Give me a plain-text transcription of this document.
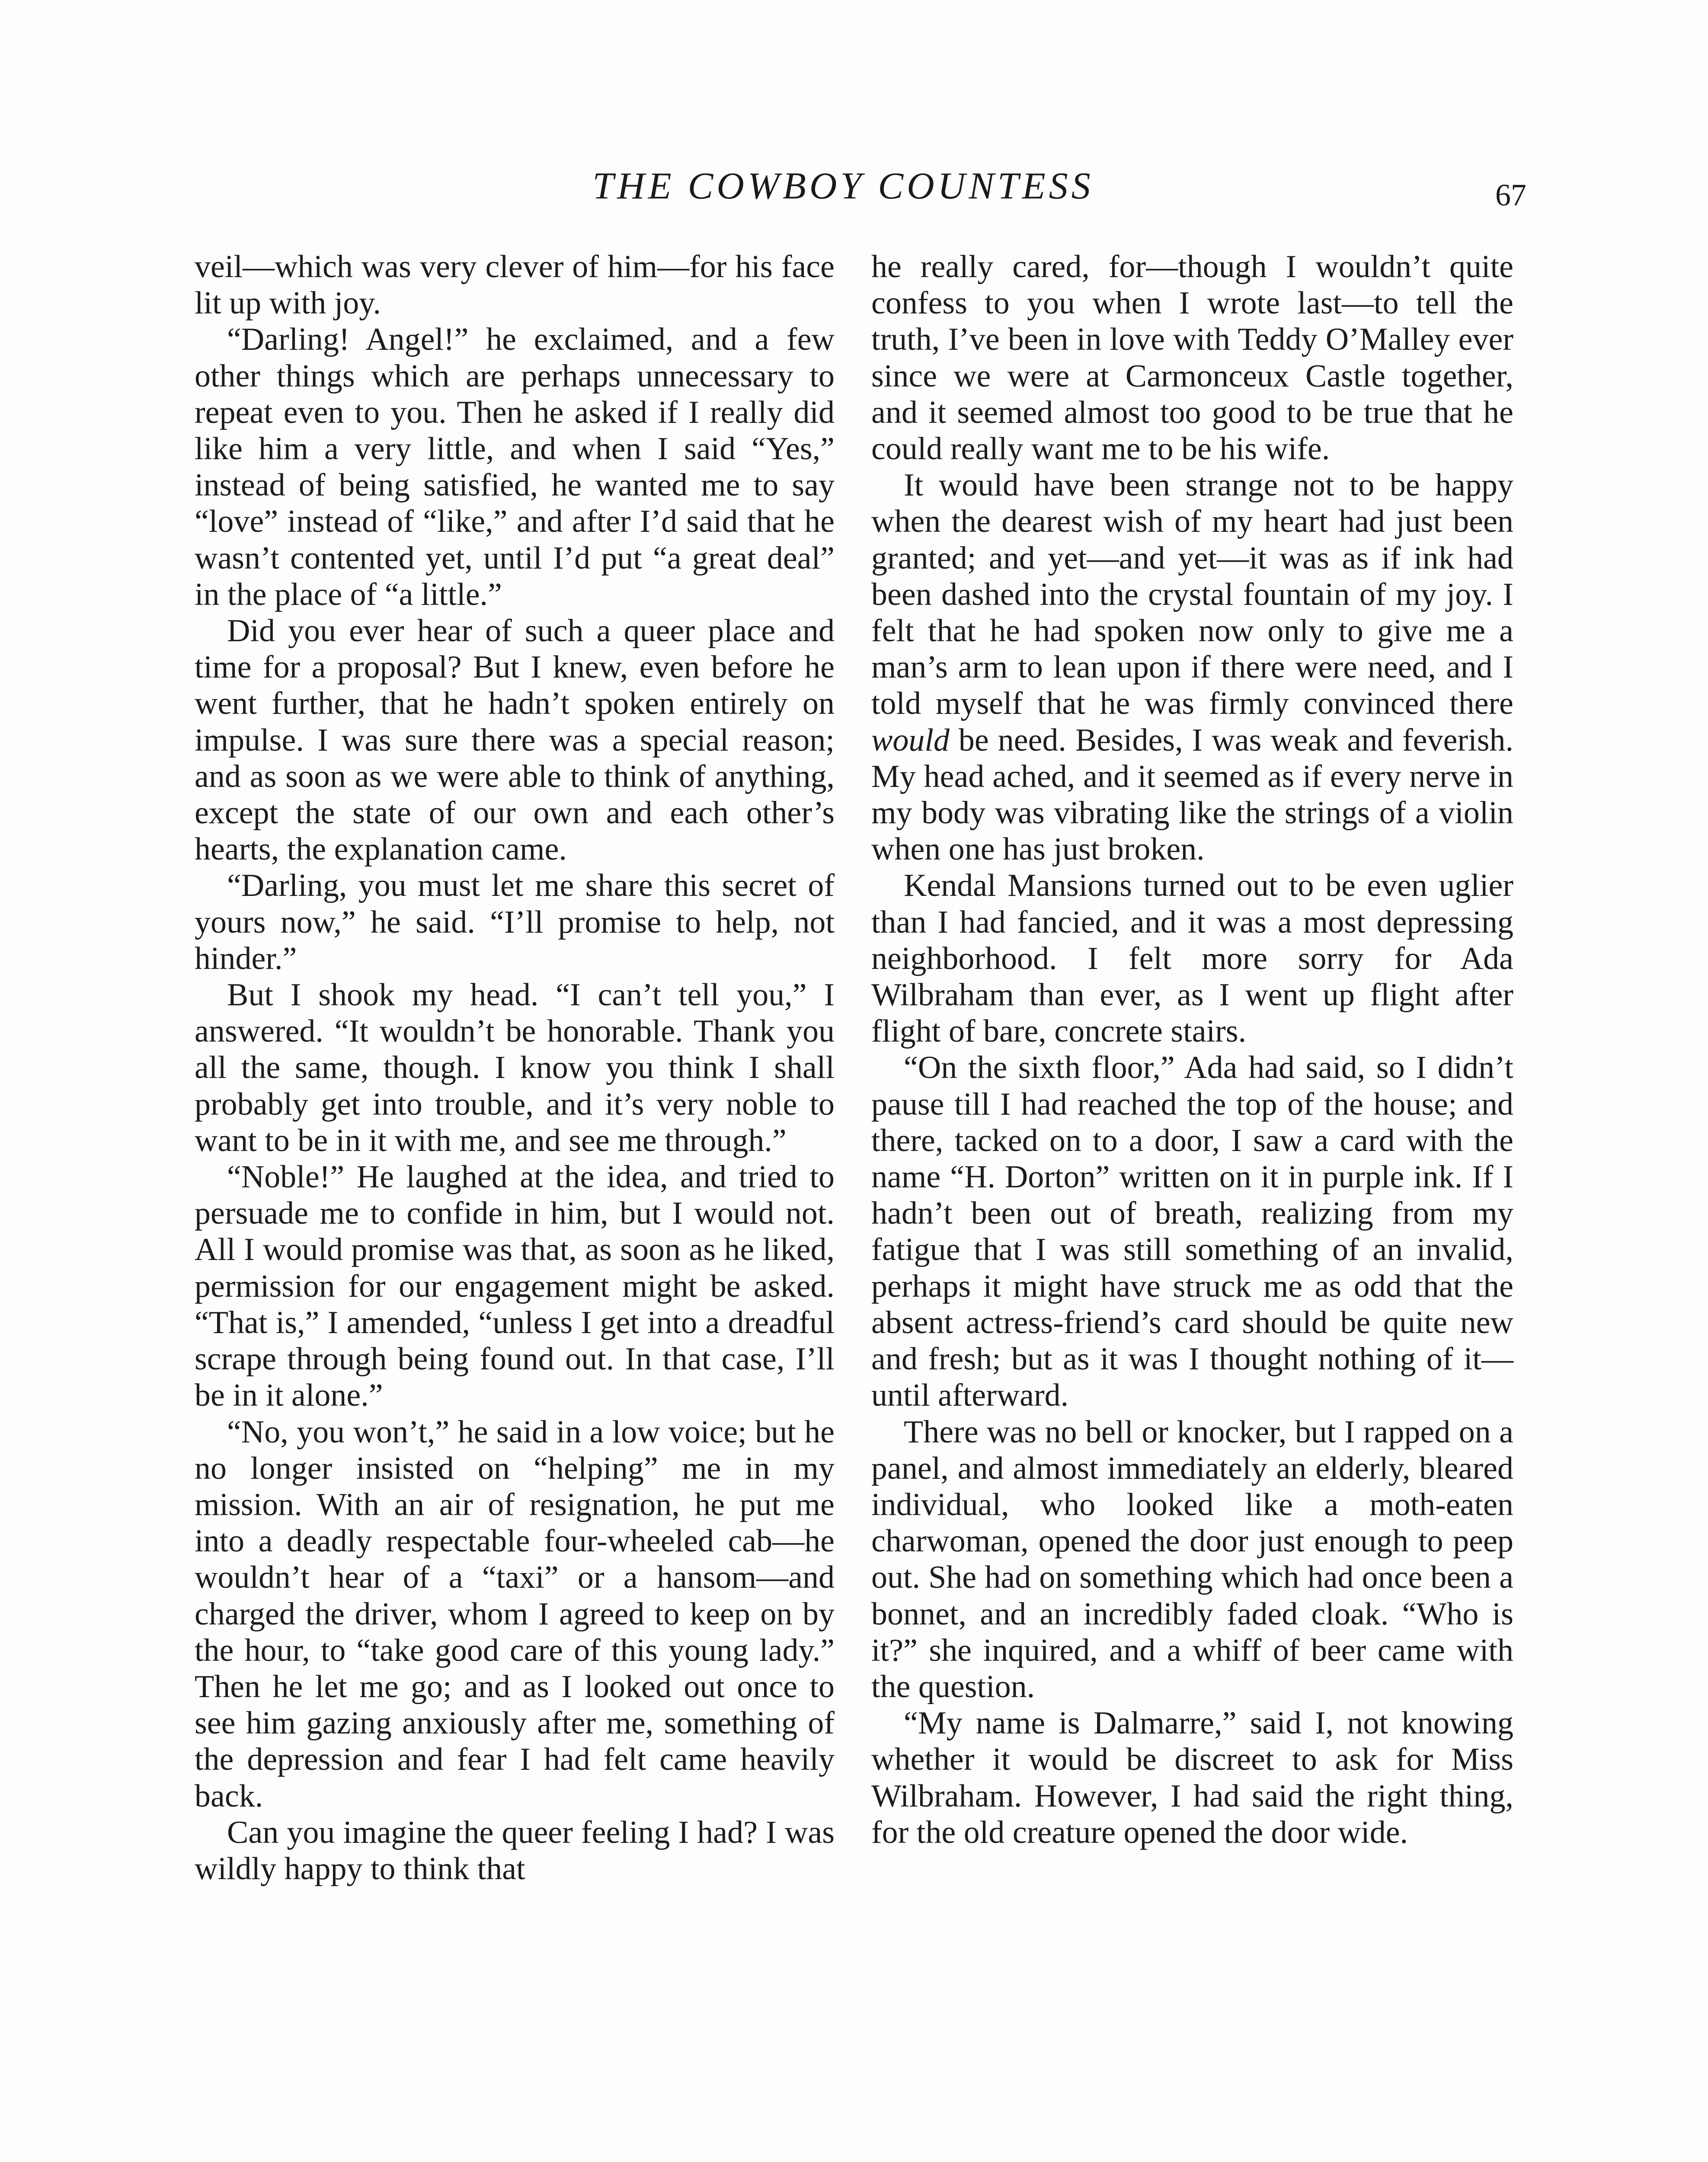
THE COWBOY COUNTESS	67

veil—which was very clever of him—for his face lit up with joy.

“Darling! Angel!” he exclaimed, and a few other things which are perhaps unnecessary to repeat even to you. Then he asked if I really did like him a very little, and when I said “Yes,” instead of being satisfied, he wanted me to say “love” instead of “like,” and after I’d said that he wasn’t contented yet, until I’d put “a great deal” in the place of “a little.”

Did you ever hear of such a queer place and time for a proposal? But I knew, even before he went further, that he hadn’t spoken entirely on impulse. I was sure there was a special reason; and as soon as we were able to think of anything, except the state of our own and each other’s hearts, the explanation came.

“Darling, you must let me share this secret of yours now,” he said. “I’ll promise to help, not hinder.”

But I shook my head. “I can’t tell you,” I answered. “It wouldn’t be honorable. Thank you all the same, though. I know you think I shall probably get into trouble, and it’s very noble to want to be in it with me, and see me through.”

“Noble!” He laughed at the idea, and tried to persuade me to confide in him, but I would not. All I would promise was that, as soon as he liked, permission for our engagement might be asked. “That is,” I amended, “unless I get into a dreadful scrape through being found out. In that case, I’ll be in it alone.”

“No, you won’t,” he said in a low voice; but he no longer insisted on “helping” me in my mission. With an air of resignation, he put me into a deadly respectable four-wheeled cab—he wouldn’t hear of a “taxi” or a hansom—and charged the driver, whom I agreed to keep on by the hour, to “take good care of this young lady.” Then he let me go; and as I looked out once to see him gazing anxiously after me, something of the depression and fear I had felt came heavily back.

Can you imagine the queer feeling I had? I was wildly happy to think that

he really cared, for—though I wouldn’t quite confess to you when I wrote last—to tell the truth, I’ve been in love with Teddy O’Malley ever since we were at Carmonceux Castle together, and it seemed almost too good to be true that he could really want me to be his wife.

It would have been strange not to be happy when the dearest wish of my heart had just been granted; and yet—and yet—it was as if ink had been dashed into the crystal fountain of my joy. I felt that he had spoken now only to give me a man’s arm to lean upon if there were need, and I told myself that he was firmly convinced there would be need. Besides, I was weak and feverish. My head ached, and it seemed as if every nerve in my body was vibrating like the strings of a violin when one has just broken.

Kendal Mansions turned out to be even uglier than I had fancied, and it was a most depressing neighborhood. I felt more sorry for Ada Wilbraham than ever, as I went up flight after flight of bare, concrete stairs.

“On the sixth floor,” Ada had said, so I didn’t pause till I had reached the top of the house; and there, tacked on to a door, I saw a card with the name “H. Dorton” written on it in purple ink. If I hadn’t been out of breath, realizing from my fatigue that I was still something of an invalid, perhaps it might have struck me as odd that the absent actress-friend’s card should be quite new and fresh; but as it was I thought nothing of it—until afterward.

There was no bell or knocker, but I rapped on a panel, and almost immediately an elderly, bleared individual, who looked like a moth-eaten charwoman, opened the door just enough to peep out. She had on something which had once been a bonnet, and an incredibly faded cloak. “Who is it?” she inquired, and a whiff of beer came with the question.

“My name is Dalmarre,” said I, not knowing whether it would be discreet to ask for Miss Wilbraham. However, I had said the right thing, for the old creature opened the door wide.
